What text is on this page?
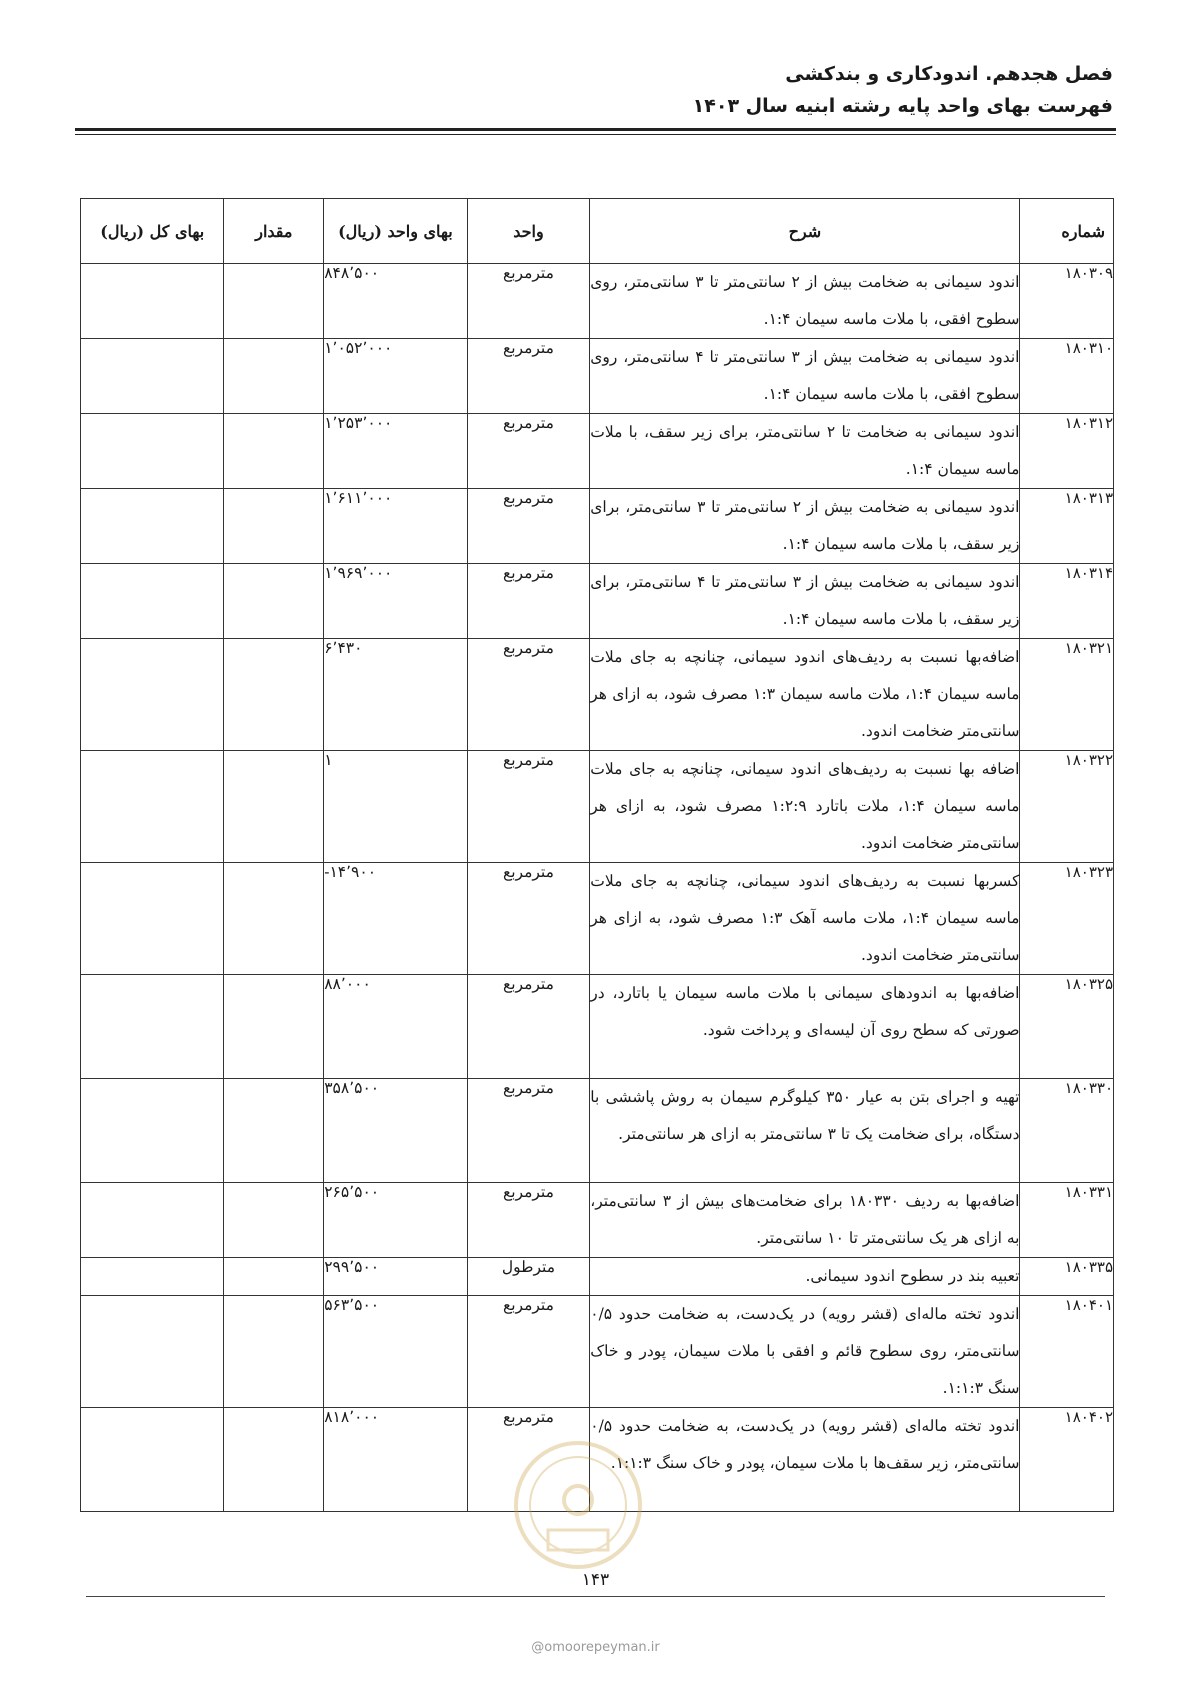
فصل هجدهم. اندودکاری و بندکشی
فهرست بهای واحد پایه رشته ابنیه سال ۱۴۰۳
شماره	شرح	واحد	بهای واحد (ریال)	مقدار	بهای کل (ریال)
۱۸۰۳۰۹	اندود سیمانی به ضخامت بیش از ۲ سانتی‌متر تا ۳ سانتی‌متر، روی سطوح افقی، با ملات ماسه سیمان ۱:۴.	مترمربع	۸۴۸٬۵۰۰		
۱۸۰۳۱۰	اندود سیمانی به ضخامت بیش از ۳ سانتی‌متر تا ۴ سانتی‌متر، روی سطوح افقی، با ملات ماسه سیمان ۱:۴.	مترمربع	۱٬۰۵۲٬۰۰۰		
۱۸۰۳۱۲	اندود سیمانی به ضخامت تا ۲ سانتی‌متر، برای زیر سقف، با ملات ماسه سیمان ۱:۴.	مترمربع	۱٬۲۵۳٬۰۰۰		
۱۸۰۳۱۳	اندود سیمانی به ضخامت بیش از ۲ سانتی‌متر تا ۳ سانتی‌متر، برای زیر سقف، با ملات ماسه سیمان ۱:۴.	مترمربع	۱٬۶۱۱٬۰۰۰		
۱۸۰۳۱۴	اندود سیمانی به ضخامت بیش از ۳ سانتی‌متر تا ۴ سانتی‌متر، برای زیر سقف، با ملات ماسه سیمان ۱:۴.	مترمربع	۱٬۹۶۹٬۰۰۰		
۱۸۰۳۲۱	اضافه‌بها نسبت به ردیف‌های اندود سیمانی، چنانچه به جای ملات ماسه سیمان ۱:۴، ملات ماسه سیمان ۱:۳ مصرف شود، به ازای هر سانتی‌متر ضخامت اندود.	مترمربع	۶٬۴۳۰		
۱۸۰۳۲۲	اضافه بها نسبت به ردیف‌های اندود سیمانی، چنانچه به جای ملات ماسه سیمان ۱:۴، ملات باتارد ۱:۲:۹ مصرف شود، به ازای هر سانتی‌متر ضخامت اندود.	مترمربع	۱		
۱۸۰۳۲۳	کسربها نسبت به ردیف‌های اندود سیمانی، چنانچه به جای ملات ماسه سیمان ۱:۴، ملات ماسه آهک ۱:۳ مصرف شود، به ازای هر سانتی‌متر ضخامت اندود.	مترمربع	-۱۴٬۹۰۰		
۱۸۰۳۲۵	اضافه‌بها به اندودهای سیمانی با ملات ماسه سیمان یا باتارد، در صورتی که سطح روی آن لیسه‌ای و پرداخت شود.	مترمربع	۸۸٬۰۰۰		
۱۸۰۳۳۰	تهیه و اجرای بتن به عیار ۳۵۰ کیلوگرم سیمان به روش پاششی با دستگاه، برای ضخامت یک تا ۳ سانتی‌متر به ازای هر سانتی‌متر.	مترمربع	۳۵۸٬۵۰۰		
۱۸۰۳۳۱	اضافه‌بها به ردیف ۱۸۰۳۳۰ برای ضخامت‌های بیش از ۳ سانتی‌متر، به ازای هر یک سانتی‌متر تا ۱۰ سانتی‌متر.	مترمربع	۲۶۵٬۵۰۰		
۱۸۰۳۳۵	تعبیه بند در سطوح اندود سیمانی.	مترطول	۲۹۹٬۵۰۰		
۱۸۰۴۰۱	اندود تخته ماله‌ای (قشر رویه) در یک‌دست، به ضخامت حدود ۰/۵ سانتی‌متر، روی سطوح قائم و افقی با ملات سیمان، پودر و خاک سنگ ۱:۱:۳.	مترمربع	۵۶۳٬۵۰۰		
۱۸۰۴۰۲	اندود تخته ماله‌ای (قشر رویه) در یک‌دست، به ضخامت حدود ۰/۵ سانتی‌متر، زیر سقف‌ها با ملات سیمان، پودر و خاک سنگ ۱:۱:۳.	مترمربع	۸۱۸٬۰۰۰		
۱۴۳
@omoorepeyman.ir
